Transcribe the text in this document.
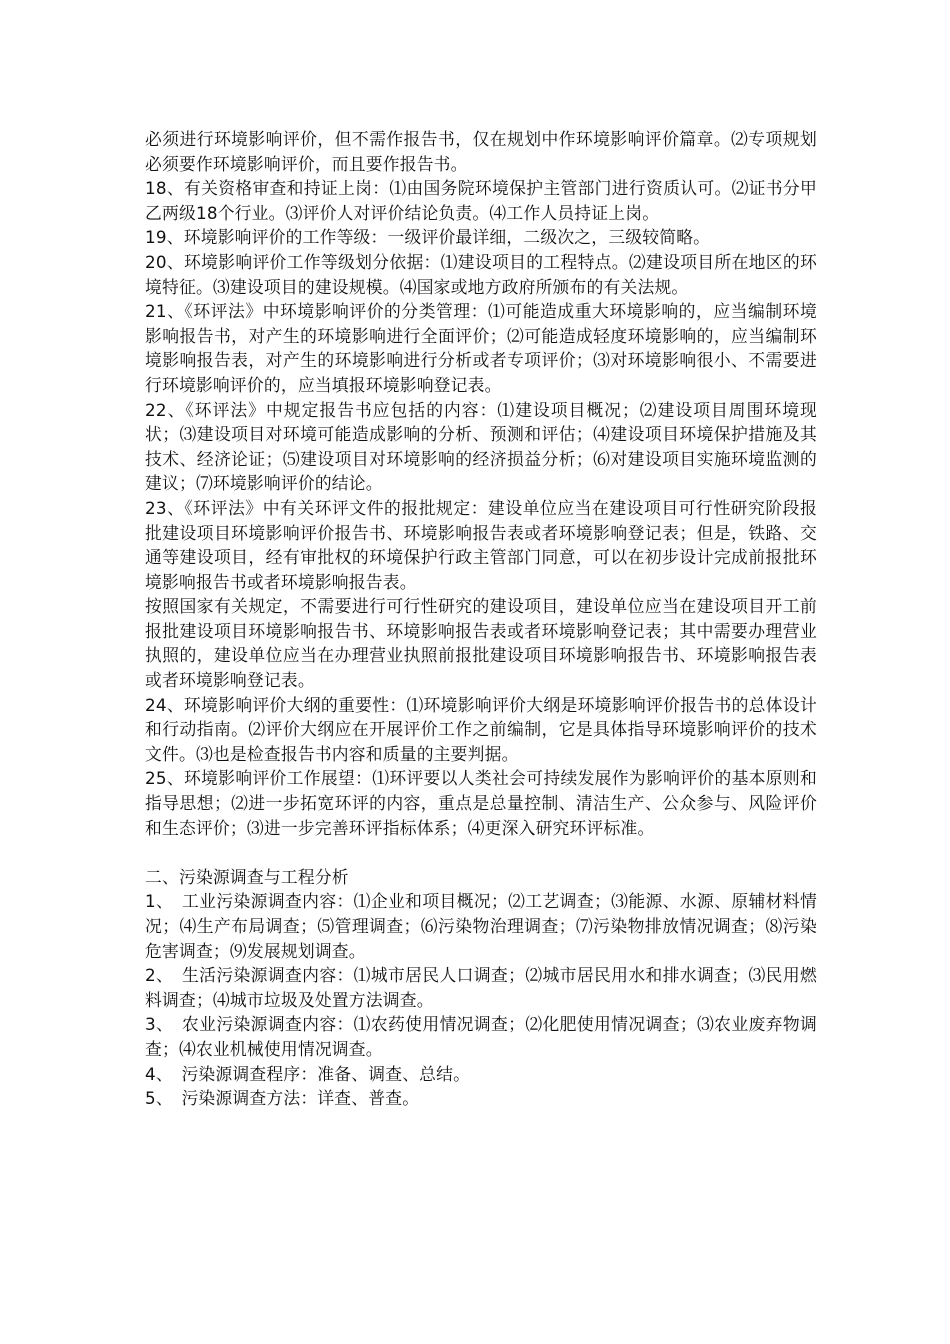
必须进行环境影响评价，但不需作报告书，仅在规划中作环境影响评价篇章。⑵专项规划必须要作环境影响评价，而且要作报告书。

18、有关资格审查和持证上岗：⑴由国务院环境保护主管部门进行资质认可。⑵证书分甲乙两级18个行业。⑶评价人对评价结论负责。⑷工作人员持证上岗。

19、环境影响评价的工作等级：一级评价最详细，二级次之，三级较简略。

20、环境影响评价工作等级划分依据：⑴建设项目的工程特点。⑵建设项目所在地区的环境特征。⑶建设项目的建设规模。⑷国家或地方政府所颁布的有关法规。

21、《环评法》中环境影响评价的分类管理：⑴可能造成重大环境影响的，应当编制环境影响报告书，对产生的环境影响进行全面评价；⑵可能造成轻度环境影响的，应当编制环境影响报告表，对产生的环境影响进行分析或者专项评价；⑶对环境影响很小、不需要进行环境影响评价的，应当填报环境影响登记表。

22、《环评法》中规定报告书应包括的内容：⑴建设项目概况；⑵建设项目周围环境现状；⑶建设项目对环境可能造成影响的分析、预测和评估；⑷建设项目环境保护措施及其技术、经济论证；⑸建设项目对环境影响的经济损益分析；⑹对建设项目实施环境监测的建议；⑺环境影响评价的结论。

23、《环评法》中有关环评文件的报批规定：建设单位应当在建设项目可行性研究阶段报批建设项目环境影响评价报告书、环境影响报告表或者环境影响登记表；但是，铁路、交通等建设项目，经有审批权的环境保护行政主管部门同意，可以在初步设计完成前报批环境影响报告书或者环境影响报告表。

按照国家有关规定，不需要进行可行性研究的建设项目，建设单位应当在建设项目开工前报批建设项目环境影响报告书、环境影响报告表或者环境影响登记表；其中需要办理营业执照的，建设单位应当在办理营业执照前报批建设项目环境影响报告书、环境影响报告表或者环境影响登记表。

24、环境影响评价大纲的重要性：⑴环境影响评价大纲是环境影响评价报告书的总体设计和行动指南。⑵评价大纲应在开展评价工作之前编制，它是具体指导环境影响评价的技术文件。⑶也是检查报告书内容和质量的主要判据。

25、环境影响评价工作展望：⑴环评要以人类社会可持续发展作为影响评价的基本原则和指导思想；⑵进一步拓宽环评的内容，重点是总量控制、清洁生产、公众参与、风险评价和生态评价；⑶进一步完善环评指标体系；⑷更深入研究环评标准。

二、污染源调查与工程分析

1、　工业污染源调查内容：⑴企业和项目概况；⑵工艺调查；⑶能源、水源、原辅材料情况；⑷生产布局调查；⑸管理调查；⑹污染物治理调查；⑺污染物排放情况调查；⑻污染危害调查；⑼发展规划调查。

2、　生活污染源调查内容：⑴城市居民人口调查；⑵城市居民用水和排水调查；⑶民用燃料调查；⑷城市垃圾及处置方法调查。

3、　农业污染源调查内容：⑴农药使用情况调查；⑵化肥使用情况调查；⑶农业废弃物调查；⑷农业机械使用情况调查。

4、　污染源调查程序：准备、调查、总结。

5、　污染源调查方法：详查、普查。
